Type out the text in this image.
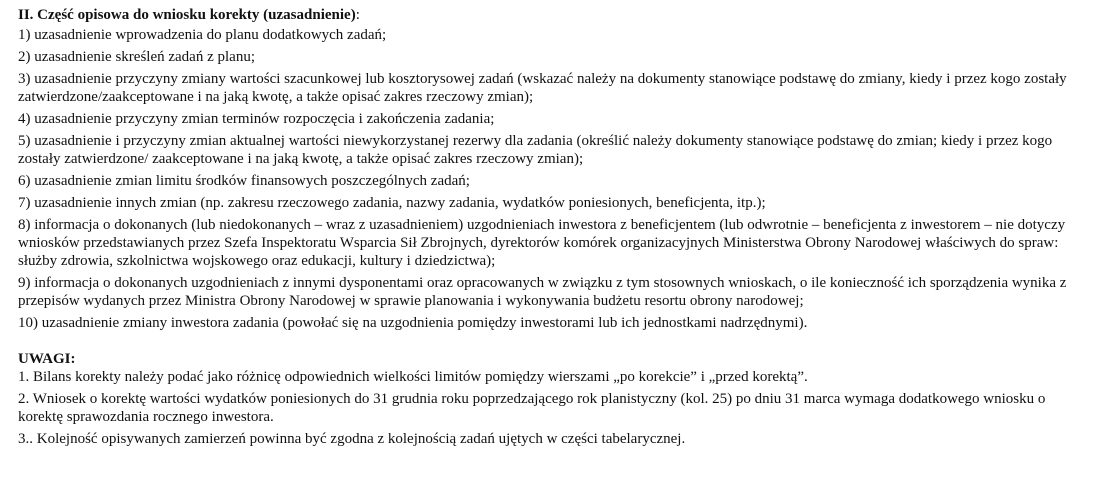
II. Część opisowa do wniosku korekty (uzasadnienie):

1) uzasadnienie wprowadzenia do planu dodatkowych zadań;

2) uzasadnienie skreśleń zadań z planu;

3) uzasadnienie przyczyny zmiany wartości szacunkowej lub kosztorysowej zadań (wskazać należy na dokumenty stanowiące podstawę do zmiany, kiedy i przez kogo zostały zatwierdzone/zaakceptowane i na jaką kwotę, a także opisać zakres rzeczowy zmian);

4) uzasadnienie przyczyny zmian terminów rozpoczęcia i zakończenia zadania;

5) uzasadnienie i przyczyny zmian aktualnej wartości niewykorzystanej rezerwy dla zadania (określić należy dokumenty stanowiące podstawę do zmian; kiedy i przez kogo zostały zatwierdzone/ zaakceptowane i na jaką kwotę, a także opisać zakres rzeczowy zmian);

6) uzasadnienie zmian limitu środków finansowych poszczególnych zadań;

7) uzasadnienie innych zmian (np. zakresu rzeczowego zadania, nazwy zadania, wydatków poniesionych, beneficjenta, itp.);

8) informacja o dokonanych (lub niedokonanych – wraz z uzasadnieniem) uzgodnieniach inwestora z beneficjentem (lub odwrotnie – beneficjenta z inwestorem – nie dotyczy wniosków przedstawianych przez Szefa Inspektoratu Wsparcia Sił Zbrojnych, dyrektorów komórek organizacyjnych Ministerstwa Obrony Narodowej właściwych do spraw: służby zdrowia, szkolnictwa wojskowego oraz edukacji, kultury i dziedzictwa);

9) informacja o dokonanych uzgodnieniach z innymi dysponentami oraz opracowanych w związku z tym stosownych wnioskach, o ile konieczność ich sporządzenia wynika z przepisów wydanych przez Ministra Obrony Narodowej w sprawie planowania i wykonywania budżetu resortu obrony narodowej;

10) uzasadnienie zmiany inwestora zadania (powołać się na uzgodnienia pomiędzy inwestorami lub ich jednostkami nadrzędnymi).

UWAGI:

1. Bilans korekty należy podać jako różnicę odpowiednich wielkości limitów pomiędzy wierszami „po korekcie” i „przed korektą”.

2. Wniosek o korektę wartości wydatków poniesionych do 31 grudnia roku poprzedzającego rok planistyczny (kol. 25) po dniu 31 marca wymaga dodatkowego wniosku o korektę sprawozdania rocznego inwestora.

3.. Kolejność opisywanych zamierzeń powinna być zgodna z kolejnością zadań ujętych w części tabelarycznej.
